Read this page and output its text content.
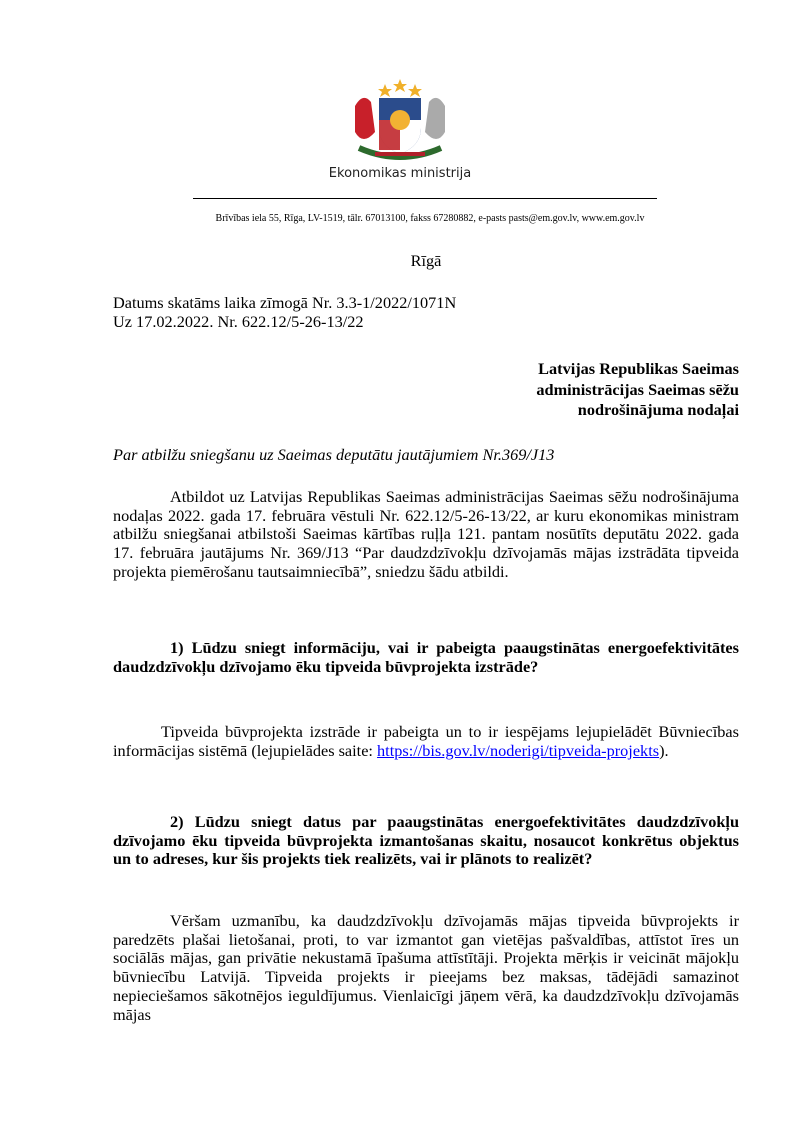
Ekonomikas ministrija
Brīvības iela 55, Rīga, LV-1519, tālr. 67013100, fakss 67280882, e-pasts pasts@em.gov.lv, www.em.gov.lv
Rīgā
Datums skatāms laika zīmogā Nr. 3.3-1/2022/1071N
Uz 17.02.2022. Nr. 622.12/5-26-13/22
Latvijas Republikas Saeimas
administrācijas Saeimas sēžu
nodrošinājuma nodaļai
Par atbilžu sniegšanu uz Saeimas deputātu jautājumiem Nr.369/J13
Atbildot uz Latvijas Republikas Saeimas administrācijas Saeimas sēžu nodrošinājuma nodaļas 2022. gada 17. februāra vēstuli Nr. 622.12/5-26-13/22, ar kuru ekonomikas ministram atbilžu sniegšanai atbilstoši Saeimas kārtības ruļļa 121. pantam nosūtīts deputātu 2022. gada 17. februāra jautājums Nr. 369/J13 “Par daudzdzīvokļu dzīvojamās mājas izstrādāta tipveida projekta piemērošanu tautsaimniecībā”, sniedzu šādu atbildi.
1) Lūdzu sniegt informāciju, vai ir pabeigta paaugstinātas energoefektivitātes daudzdzīvokļu dzīvojamo ēku tipveida būvprojekta izstrāde?
Tipveida būvprojekta izstrāde ir pabeigta un to ir iespējams lejupielādēt Būvniecības informācijas sistēmā (lejupielādes saite: https://bis.gov.lv/noderigi/tipveida-projekts).
2) Lūdzu sniegt datus par paaugstinātas energoefektivitātes daudzdzīvokļu dzīvojamo ēku tipveida būvprojekta izmantošanas skaitu, nosaucot konkrētus objektus un to adreses, kur šis projekts tiek realizēts, vai ir plānots to realizēt?
Vēršam uzmanību, ka daudzdzīvokļu dzīvojamās mājas tipveida būvprojekts ir paredzēts plašai lietošanai, proti, to var izmantot gan vietējas pašvaldības, attīstot īres un sociālās mājas, gan privātie nekustamā īpašuma attīstītāji. Projekta mērķis ir veicināt mājokļu būvniecību Latvijā. Tipveida projekts ir pieejams bez maksas, tādējādi samazinot nepieciešamos sākotnējos ieguldījumus. Vienlaicīgi jāņem vērā, ka daudzdzīvokļu dzīvojamās mājas
